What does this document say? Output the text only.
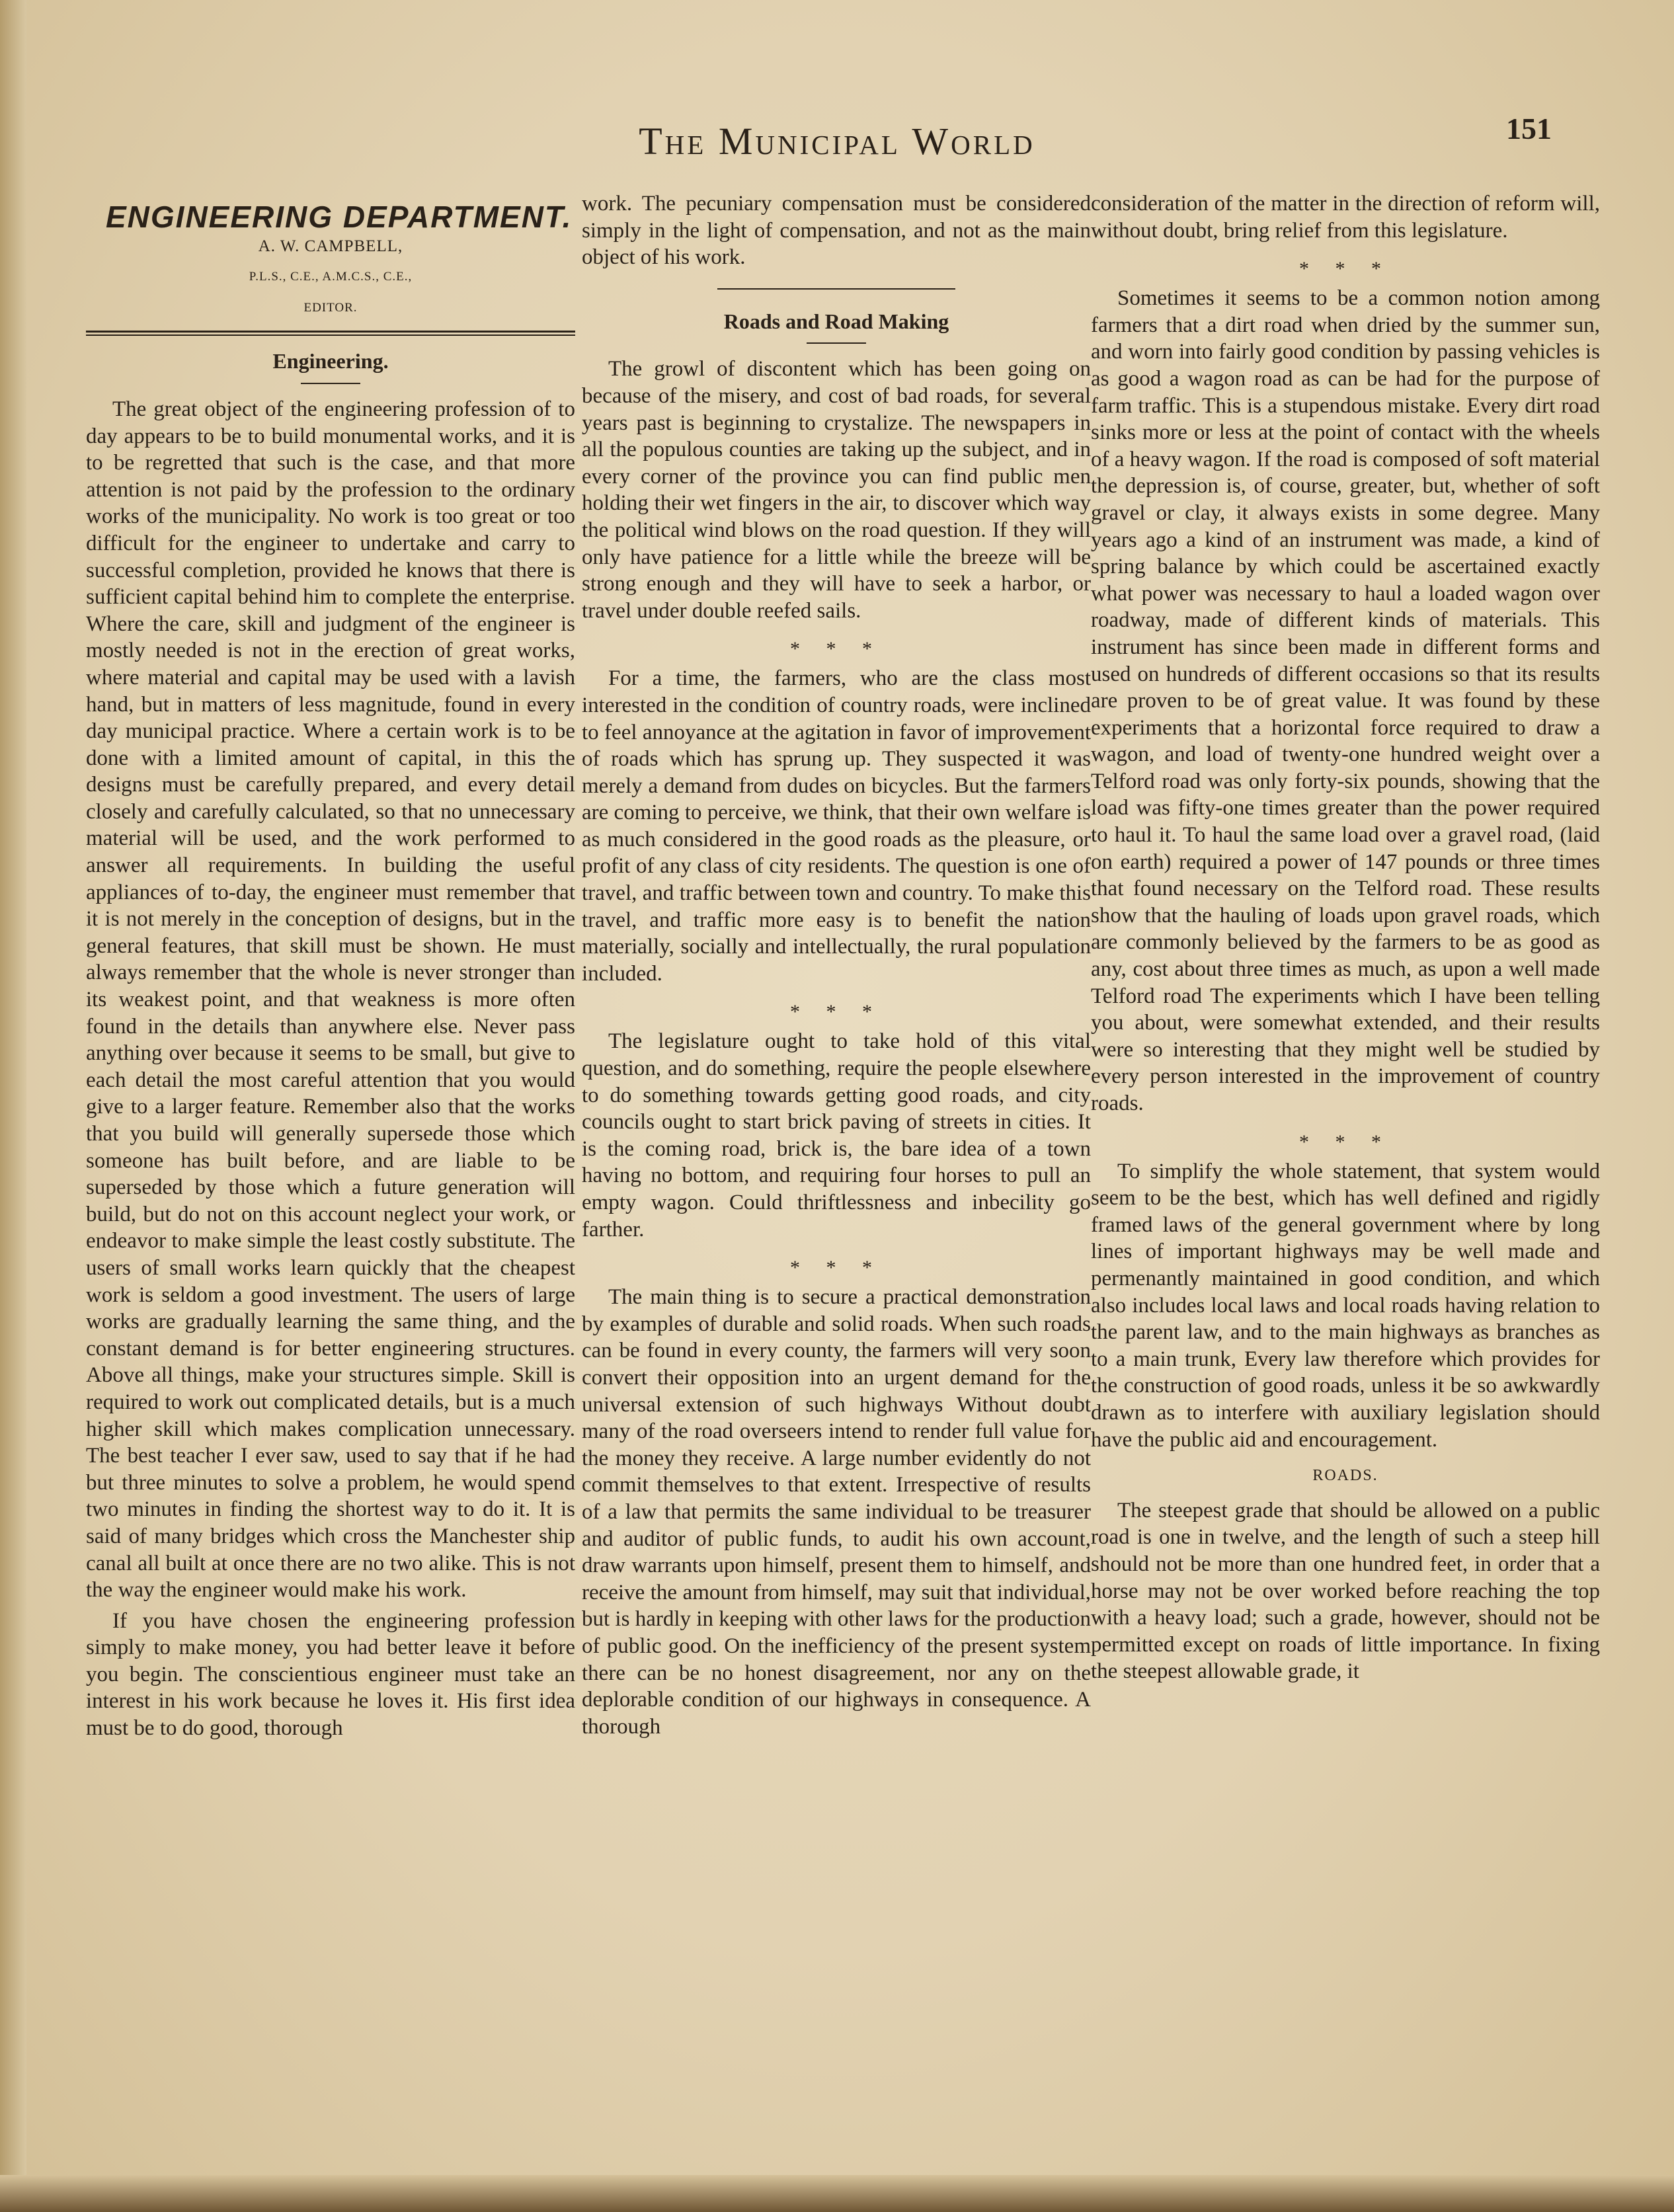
The Municipal World	151
ENGINEERING DEPARTMENT.
A. W. CAMPBELL,
P.L.S., C.E., A.M.C.S., C.E.,
EDITOR.
Engineering.

The great object of the engineering profession of to day appears to be to build monumental works, and it is to be regretted that such is the case, and that more attention is not paid by the profession to the ordinary works of the municipality. No work is too great or too difficult for the engineer to undertake and carry to successful completion, provided he knows that there is sufficient capital behind him to complete the enterprise. Where the care, skill and judgment of the engineer is mostly needed is not in the erection of great works, where material and capital may be used with a lavish hand, but in matters of less magnitude, found in every day municipal practice. Where a certain work is to be done with a limited amount of capital, in this the designs must be carefully prepared, and every detail closely and carefully calculated, so that no unnecessary material will be used, and the work performed to answer all requirements. In building the useful appliances of to-day, the engineer must remember that it is not merely in the conception of designs, but in the general features, that skill must be shown. He must always remember that the whole is never stronger than its weakest point, and that weakness is more often found in the details than anywhere else. Never pass anything over because it seems to be small, but give to each detail the most careful attention that you would give to a larger feature. Remember also that the works that you build will generally supersede those which someone has built before, and are liable to be superseded by those which a future generation will build, but do not on this account neglect your work, or endeavor to make simple the least costly substitute. The users of small works learn quickly that the cheapest work is seldom a good investment. The users of large works are gradually learning the same thing, and the constant demand is for better engineering structures. Above all things, make your structures simple. Skill is required to work out complicated details, but is a much higher skill which makes complication unnecessary. The best teacher I ever saw, used to say that if he had but three minutes to solve a problem, he would spend two minutes in finding the shortest way to do it. It is said of many bridges which cross the Manchester ship canal all built at once there are no two alike. This is not the way the engineer would make his work.

If you have chosen the engineering profession simply to make money, you had better leave it before you begin. The conscientious engineer must take an interest in his work because he loves it. His first idea must be to do good, thorough

work. The pecuniary compensation must be considered simply in the light of compensation, and not as the main object of his work.

Roads and Road Making

The growl of discontent which has been going on because of the misery, and cost of bad roads, for several years past is beginning to crystalize. The newspapers in all the populous counties are taking up the subject, and in every corner of the province you can find public men holding their wet fingers in the air, to discover which way the political wind blows on the road question. If they will only have patience for a little while the breeze will be strong enough and they will have to seek a harbor, or travel under double reefed sails.

* * *

For a time, the farmers, who are the class most interested in the condition of country roads, were inclined to feel annoyance at the agitation in favor of improvement of roads which has sprung up. They suspected it was merely a demand from dudes on bicycles. But the farmers are coming to perceive, we think, that their own welfare is as much considered in the good roads as the pleasure, or profit of any class of city residents. The question is one of travel, and traffic between town and country. To make this travel, and traffic more easy is to benefit the nation materially, socially and intellectually, the rural population included.

* * *

The legislature ought to take hold of this vital question, and do something, require the people elsewhere to do something towards getting good roads, and city councils ought to start brick paving of streets in cities. It is the coming road, brick is, the bare idea of a town having no bottom, and requiring four horses to pull an empty wagon. Could thriftlessness and inbecility go farther.

* * *

The main thing is to secure a practical demonstration by examples of durable and solid roads. When such roads can be found in every county, the farmers will very soon convert their opposition into an urgent demand for the universal extension of such highways Without doubt many of the road overseers intend to render full value for the money they receive. A large number evidently do not commit themselves to that extent. Irrespective of results of a law that permits the same individual to be treasurer and auditor of public funds, to audit his own account, draw warrants upon himself, present them to himself, and receive the amount from himself, may suit that individual, but is hardly in keeping with other laws for the production of public good. On the inefficiency of the present system there can be no honest disagreement, nor any on the deplorable condition of our highways in consequence. A thorough

consideration of the matter in the direction of reform will, without doubt, bring relief from this legislature.

* * *

Sometimes it seems to be a common notion among farmers that a dirt road when dried by the summer sun, and worn into fairly good condition by passing vehicles is as good a wagon road as can be had for the purpose of farm traffic. This is a stupendous mistake. Every dirt road sinks more or less at the point of contact with the wheels of a heavy wagon. If the road is composed of soft material the depression is, of course, greater, but, whether of soft gravel or clay, it always exists in some degree. Many years ago a kind of an instrument was made, a kind of spring balance by which could be ascertained exactly what power was necessary to haul a loaded wagon over roadway, made of different kinds of materials. This instrument has since been made in different forms and used on hundreds of different occasions so that its results are proven to be of great value. It was found by these experiments that a horizontal force required to draw a wagon, and load of twenty-one hundred weight over a Telford road was only forty-six pounds, showing that the load was fifty-one times greater than the power required to haul it. To haul the same load over a gravel road, (laid on earth) required a power of 147 pounds or three times that found necessary on the Telford road. These results show that the hauling of loads upon gravel roads, which are commonly believed by the farmers to be as good as any, cost about three times as much, as upon a well made Telford road The experiments which I have been telling you about, were somewhat extended, and their results were so interesting that they might well be studied by every person interested in the improvement of country roads.

* * *

To simplify the whole statement, that system would seem to be the best, which has well defined and rigidly framed laws of the general government where by long lines of important highways may be well made and permenantly maintained in good condition, and which also includes local laws and local roads having relation to the parent law, and to the main highways as branches as to a main trunk, Every law therefore which provides for the construction of good roads, unless it be so awkwardly drawn as to interfere with auxiliary legislation should have the public aid and encouragement.

ROADS.

The steepest grade that should be allowed on a public road is one in twelve, and the length of such a steep hill should not be more than one hundred feet, in order that a horse may not be over worked before reaching the top with a heavy load; such a grade, however, should not be permitted except on roads of little importance. In fixing the steepest allowable grade, it
